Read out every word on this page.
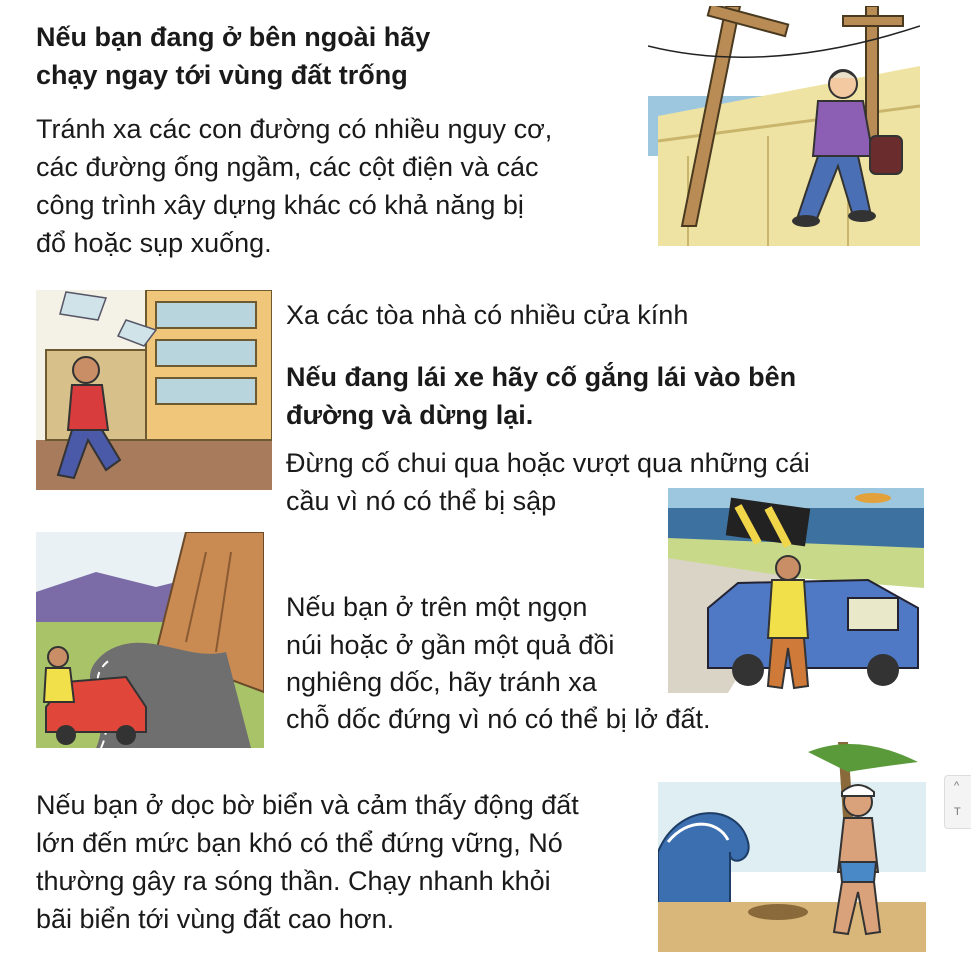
Nếu bạn đang ở bên ngoài hãy
chạy ngay tới vùng đất trống
Tránh xa các con đường có nhiều nguy cơ,
các đường ống ngầm, các cột điện và các
công trình xây dựng khác có khả năng bị
đổ hoặc sụp xuống.
Xa các tòa nhà có nhiều cửa kính
Nếu đang lái xe hãy cố gắng lái vào bên
đường và dừng lại.
Đừng cố chui qua hoặc vượt qua những cái
cầu vì nó có thể bị sập
Nếu bạn ở trên một ngọn
núi hoặc ở gần một quả đồi
nghiêng dốc, hãy tránh xa
chỗ dốc đứng vì nó có thể bị lở đất.
Nếu bạn ở dọc bờ biển và cảm thấy động đất
lớn đến mức bạn khó có thể đứng vững, Nó
thường gây ra sóng thần. Chạy nhanh khỏi
bãi biển tới vùng đất cao hơn.
^
T
